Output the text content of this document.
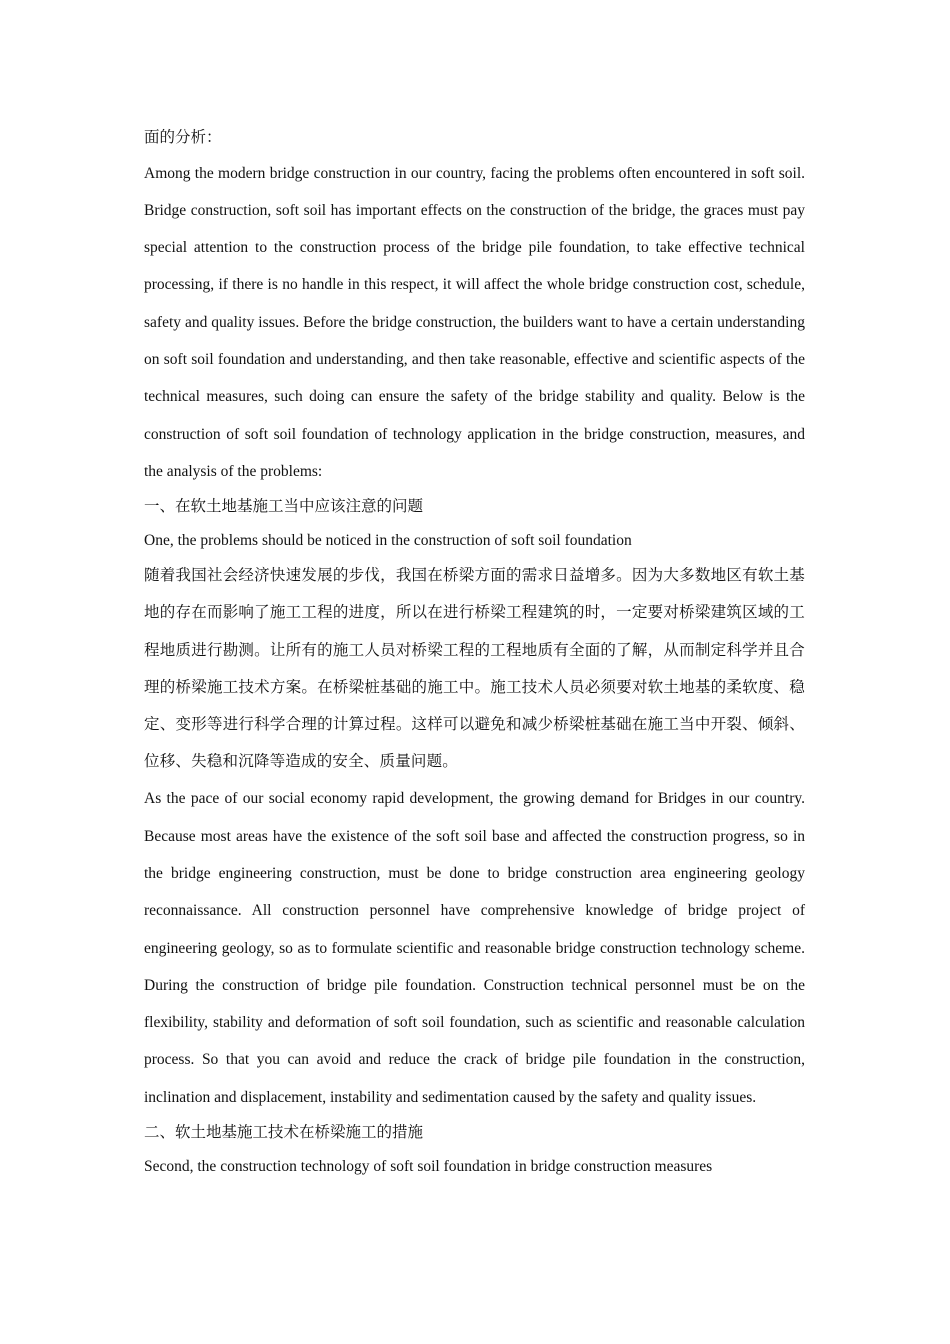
面的分析：

Among the modern bridge construction in our country, facing the problems often encountered in soft soil. Bridge construction, soft soil has important effects on the construction of the bridge, the graces must pay special attention to the construction process of the bridge pile foundation, to take effective technical processing, if there is no handle in this respect, it will affect the whole bridge construction cost, schedule, safety and quality issues. Before the bridge construction, the builders want to have a certain understanding on soft soil foundation and understanding, and then take reasonable, effective and scientific aspects of the technical measures, such doing can ensure the safety of the bridge stability and quality. Below is the construction of soft soil foundation of technology application in the bridge construction, measures, and the analysis of the problems:

一、在软土地基施工当中应该注意的问题

One, the problems should be noticed in the construction of soft soil foundation

随着我国社会经济快速发展的步伐，我国在桥梁方面的需求日益增多。因为大多数地区有软土基地的存在而影响了施工工程的进度，所以在进行桥梁工程建筑的时，一定要对桥梁建筑区域的工程地质进行勘测。让所有的施工人员对桥梁工程的工程地质有全面的了解，从而制定科学并且合理的桥梁施工技术方案。在桥梁桩基础的施工中。施工技术人员必须要对软土地基的柔软度、稳定、变形等进行科学合理的计算过程。这样可以避免和减少桥梁桩基础在施工当中开裂、倾斜、位移、失稳和沉降等造成的安全、质量问题。

As the pace of our social economy rapid development, the growing demand for Bridges in our country. Because most areas have the existence of the soft soil base and affected the construction progress, so in the bridge engineering construction, must be done to bridge construction area engineering geology reconnaissance. All construction personnel have comprehensive knowledge of bridge project of engineering geology, so as to formulate scientific and reasonable bridge construction technology scheme. During the construction of bridge pile foundation. Construction technical personnel must be on the flexibility, stability and deformation of soft soil foundation, such as scientific and reasonable calculation process. So that you can avoid and reduce the crack of bridge pile foundation in the construction, inclination and displacement, instability and sedimentation caused by the safety and quality issues.

二、软土地基施工技术在桥梁施工的措施

Second, the construction technology of soft soil foundation in bridge construction measures
